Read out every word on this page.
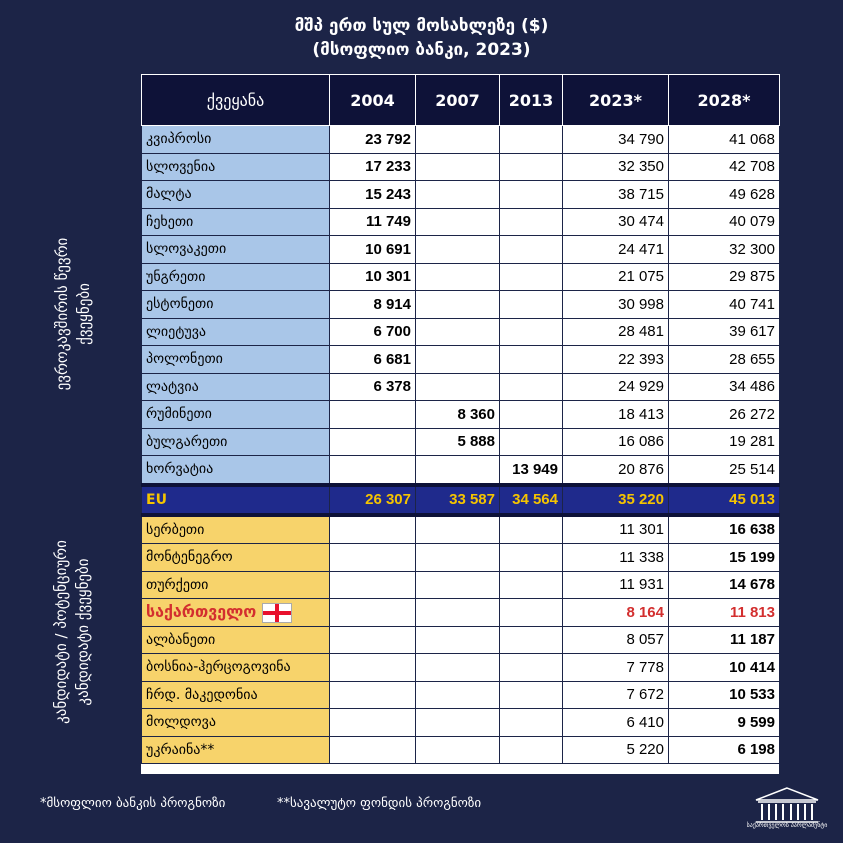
მშპ ერთ სულ მოსახლეზე ($)
(მსოფლიო ბანკი, 2023)
ევროკავშირის წევრი ქვეყნები
კანდიდატი / პოტენციური კანდიდატი ქვეყნები
ქვეყანა	2004	2007	2013	2023*	2028*
კვიპროსი	23 792			34 790	41 068
სლოვენია	17 233			32 350	42 708
მალტა	15 243			38 715	49 628
ჩეხეთი	11 749			30 474	40 079
სლოვაკეთი	10 691			24 471	32 300
უნგრეთი	10 301			21 075	29 875
ესტონეთი	8 914			30 998	40 741
ლიეტუვა	6 700			28 481	39 617
პოლონეთი	6 681			22 393	28 655
ლატვია	6 378			24 929	34 486
რუმინეთი		8 360		18 413	26 272
ბულგარეთი		5 888		16 086	19 281
ხორვატია			13 949	20 876	25 514
EU	26 307	33 587	34 564	35 220	45 013
სერბეთი				11 301	16 638
მონტენეგრო				11 338	15 199
თურქეთი				11 931	14 678
საქართველო				8 164	11 813
ალბანეთი				8 057	11 187
ბოსნია-ჰერცოგოვინა				7 778	10 414
ჩრდ. მაკედონია				7 672	10 533
მოლდოვა				6 410	9 599
უკრაინა**				5 220	6 198
*მსოფლიო ბანკის პროგნოზი	**სავალუტო ფონდის პროგნოზი
საქართველოს პარლამენტი
